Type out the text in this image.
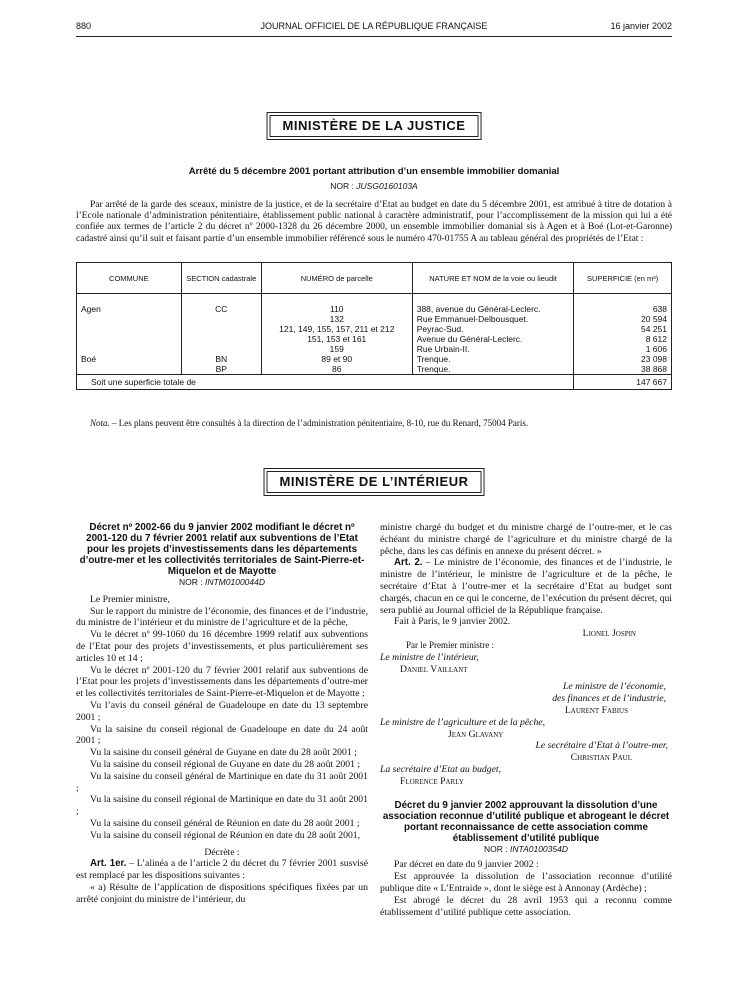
880	JOURNAL OFFICIEL DE LA RÉPUBLIQUE FRANÇAISE	16 janvier 2002
MINISTÈRE DE LA JUSTICE
Arrêté du 5 décembre 2001 portant attribution d’un ensemble immobilier domanial
NOR : JUSG0160103A

Par arrêté de la garde des sceaux, ministre de la justice, et de la secrétaire d’Etat au budget en date du 5 décembre 2001, est attribué à titre de dotation à l’Ecole nationale d’administration pénitentiaire, établissement public national à caractère administratif, pour l’accomplissement de la mission qui lui a été confiée aux termes de l’article 2 du décret nº 2000-1328 du 26 décembre 2000, un ensemble immobilier domanial sis à Agen et à Boé (Lot-et-Garonne) cadastré ainsi qu’il suit et faisant partie d’un ensemble immobilier référencé sous le numéro 470-01755 A au tableau général des propriétés de l’Etat :

COMMUNE	SECTION cadastrale	NUMÉRO de parcelle	NATURE ET NOM de la voie ou lieudit	SUPERFICIE (en m²)
Agen	CC	110	388, avenue du Général-Leclerc.	638
		132	Rue Emmanuel-Delbousquet.	20 594
		121, 149, 155, 157, 211 et 212	Peyrac-Sud.	54 251
		151, 153 et 161	Avenue du Général-Leclerc.	8 612
		159	Rue Urbain-II.	1 606
Boé	BN	89 et 90	Trenque.	23 098
	BP	86	Trenque.	38 868
Soit une superficie totale de				147 667

Nota. – Les plans peuvent être consultés à la direction de l’administration pénitentiaire, 8-10, rue du Renard, 75004 Paris.

MINISTÈRE DE L’INTÉRIEUR

Décret nº 2002-66 du 9 janvier 2002 modifiant le décret nº 2001-120 du 7 février 2001 relatif aux subventions de l’Etat pour les projets d’investissements dans les départements d’outre-mer et les collectivités territoriales de Saint-Pierre-et-Miquelon et de Mayotte

NOR : INTM0100044D

Le Premier ministre,

Sur le rapport du ministre de l’économie, des finances et de l’industrie, du ministre de l’intérieur et du ministre de l’agriculture et de la pêche,

Vu le décret nº 99-1060 du 16 décembre 1999 relatif aux subventions de l’Etat pour des projets d’investissements, et plus particulièrement ses articles 10 et 14 ;

Vu le décret nº 2001-120 du 7 février 2001 relatif aux subventions de l’Etat pour les projets d’investissements dans les départements d’outre-mer et les collectivités territoriales de Saint-Pierre-et-Miquelon et de Mayotte ;

Vu l’avis du conseil général de Guadeloupe en date du 13 septembre 2001 ;

Vu la saisine du conseil régional de Guadeloupe en date du 24 août 2001 ;

Vu la saisine du conseil général de Guyane en date du 28 août 2001 ;

Vu la saisine du conseil régional de Guyane en date du 28 août 2001 ;

Vu la saisine du conseil général de Martinique en date du 31 août 2001 ;

Vu la saisine du conseil régional de Martinique en date du 31 août 2001 ;

Vu la saisine du conseil général de Réunion en date du 28 août 2001 ;

Vu la saisine du conseil régional de Réunion en date du 28 août 2001,

Décrète :

Art. 1er. – L’alinéa a de l’article 2 du décret du 7 février 2001 susvisé est remplacé par les dispositions suivantes :

« a) Résulte de l’application de dispositions spécifiques fixées par un arrêté conjoint du ministre de l’intérieur, du

ministre chargé du budget et du ministre chargé de l’outre-mer, et le cas échéant du ministre chargé de l’agriculture et du ministre chargé de la pêche, dans les cas définis en annexe du présent décret. »

Art. 2. – Le ministre de l’économie, des finances et de l’industrie, le ministre de l’intérieur, le ministre de l’agriculture et de la pêche, le secrétaire d’Etat à l’outre-mer et la secrétaire d’Etat au budget sont chargés, chacun en ce qui le concerne, de l’exécution du présent décret, qui sera publié au Journal officiel de la République française.

Fait à Paris, le 9 janvier 2002.

Lionel Jospin

Par le Premier ministre :

Le ministre de l’intérieur,

Daniel Vaillant

Le ministre de l’économie,

des finances et de l’industrie,

Laurent Fabius

Le ministre de l’agriculture et de la pêche,

Jean Glavany

Le secrétaire d’Etat à l’outre-mer,

Christian Paul

La secrétaire d’Etat au budget,

Florence Parly

Décret du 9 janvier 2002 approuvant la dissolution d’une association reconnue d’utilité publique et abrogeant le décret portant reconnaissance de cette association comme établissement d’utilité publique

NOR : INTA0100354D

Par décret en date du 9 janvier 2002 :

Est approuvée la dissolution de l’association reconnue d’utilité publique dite « L’Entraide », dont le siège est à Annonay (Ardèche) ;

Est abrogé le décret du 28 avril 1953 qui a reconnu comme établissement d’utilité publique cette association.
